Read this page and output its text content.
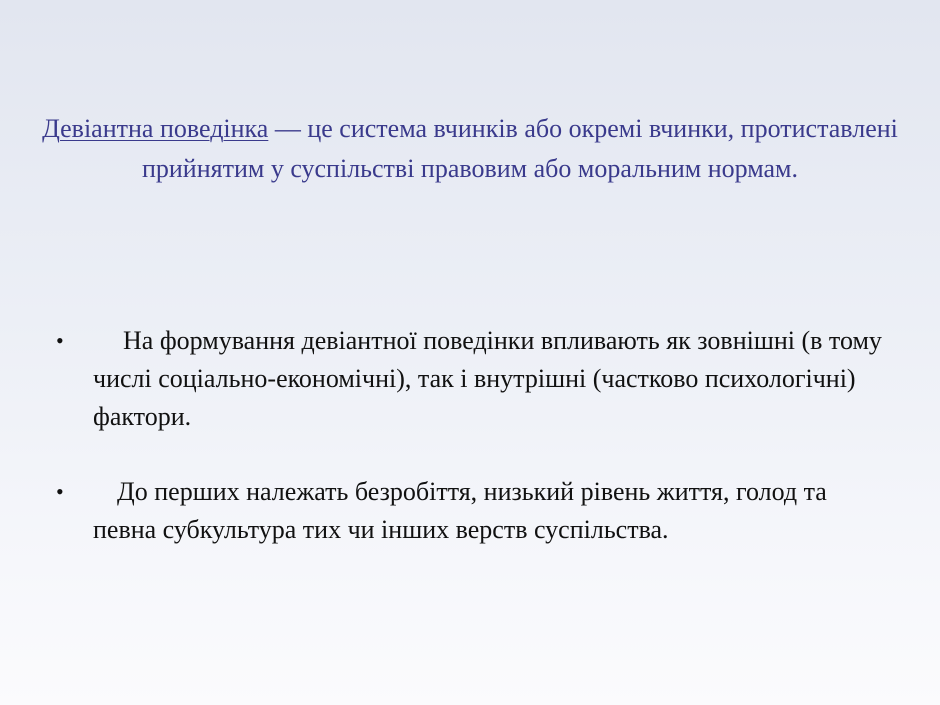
Девіантна поведінка — це система вчинків або окремі вчинки, протиставлені прийнятим у суспільстві правовим або моральним нормам.

• На формування девіантної поведінки впливають як зовнішні (в тому числі соціально-економічні), так і внутрішні (частково психологічні) фактори.
• До перших належать безробіття, низький рівень життя, голод та певна субкультура тих чи інших верств суспільства.
